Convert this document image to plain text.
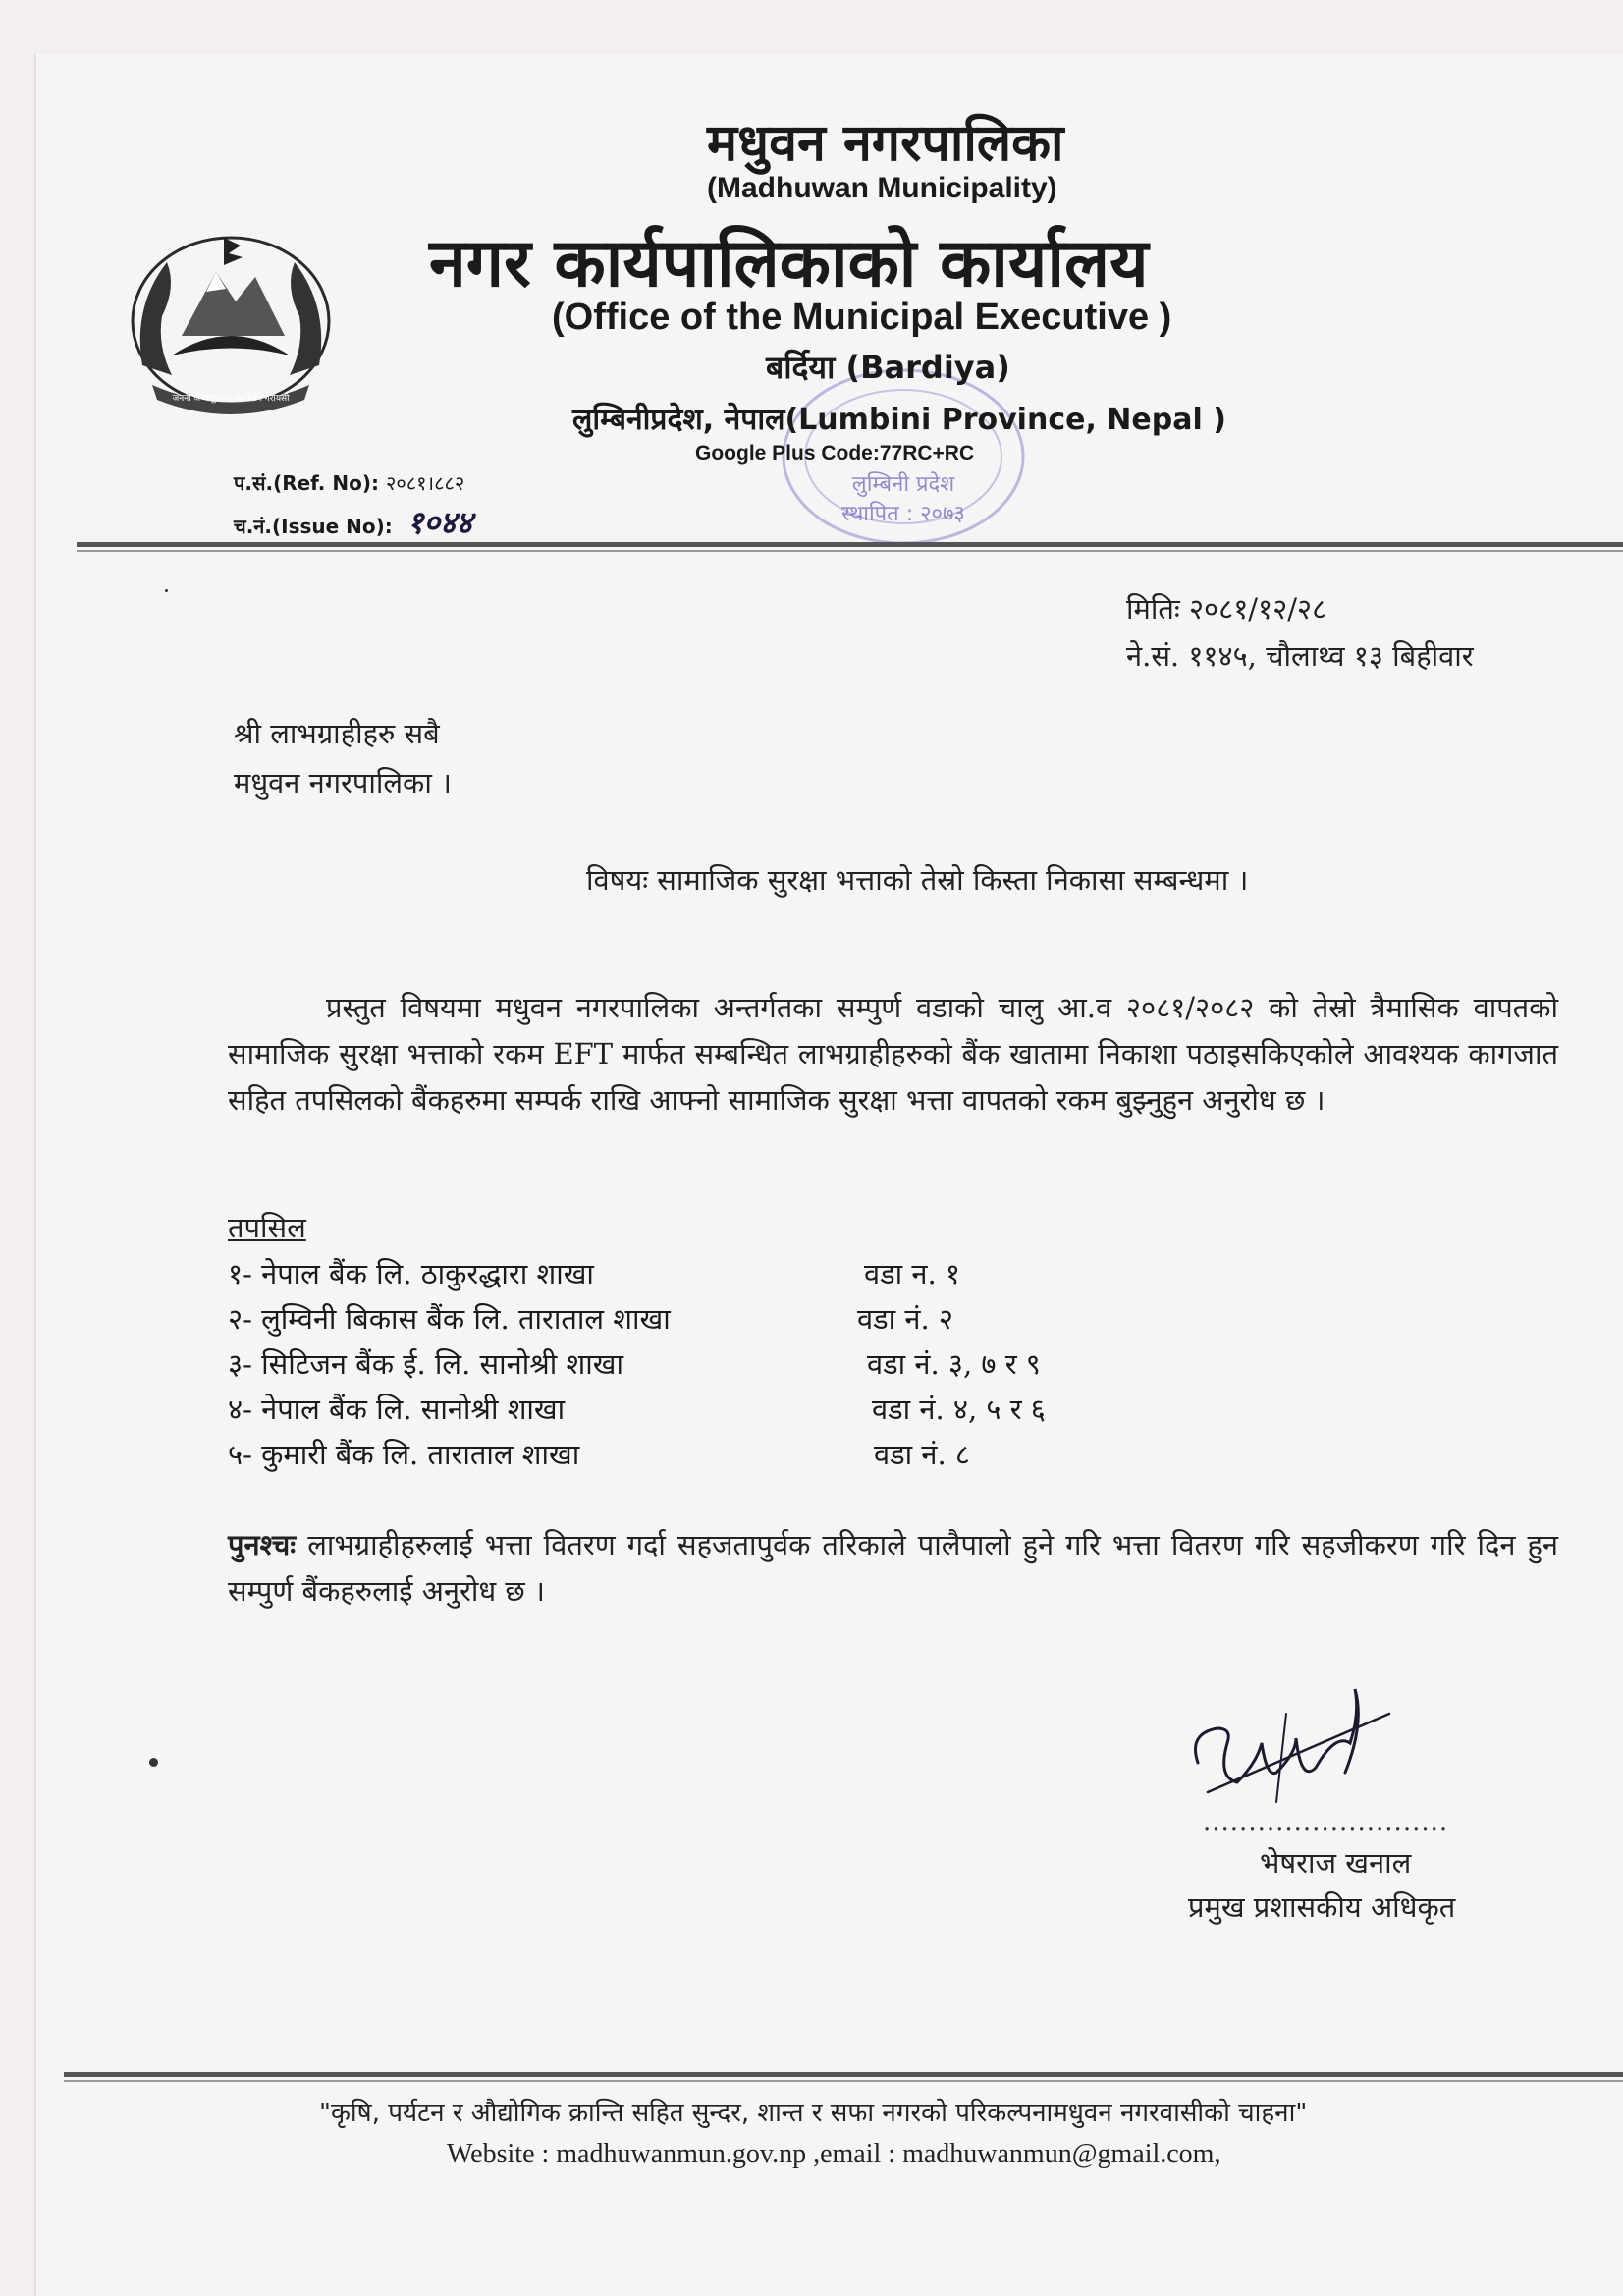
जननी जन्मभूमिश्च स्वर्गादपि गरीयसी
लुम्बिनी प्रदेश
स्थापित : २०७३
मधुवन नगरपालिका
(Madhuwan Municipality)
नगर कार्यपालिकाको कार्यालय
(Office of the Municipal Executive )
बर्दिया (Bardiya)
लुम्बिनीप्रदेश, नेपाल(Lumbini Province, Nepal )
Google Plus Code:77RC+RC
प.सं.(Ref. No): २०८१।८८२
च.नं.(Issue No): १०४४
मितिः २०८१/१२/२८
ने.सं. ११४५, चौलाथ्व १३ बिहीवार
श्री लाभग्राहीहरु सबै
मधुवन नगरपालिका ।
विषयः सामाजिक सुरक्षा भत्ताको तेस्रो किस्ता निकासा सम्बन्धमा ।
प्रस्तुत विषयमा मधुवन नगरपालिका अन्तर्गतका सम्पुर्ण वडाको चालु आ.व २०८१/२०८२ को तेस्रो त्रैमासिक वापतको सामाजिक सुरक्षा भत्ताको रकम EFT मार्फत सम्बन्धित लाभग्राहीहरुको बैंक खातामा निकाशा पठाइसकिएकोले आवश्यक कागजात सहित तपसिलको बैंकहरुमा सम्पर्क राखि आफ्नो सामाजिक सुरक्षा भत्ता वापतको रकम बुझ्नुहुन अनुरोध छ ।
तपसिल
१- नेपाल बैंक लि. ठाकुरद्धारा शाखा	वडा न. १
२- लुम्विनी बिकास बैंक लि. तारा‍ताल शाखा	वडा नं. २
३- सिटिजन बैंक ई. लि. सानोश्री शाखा	वडा नं. ३, ७ र ९
४- नेपाल बैंक लि. सानोश्री शाखा	वडा नं. ४, ५ र ६
५- कुमारी बैंक लि. तारा‍ताल शाखा	वडा नं. ८
पुनश्चः लाभग्राहीहरुलाई भत्ता वितरण गर्दा सहजतापुर्वक तरिकाले पालैपालो हुने गरि भत्ता वितरण गरि सहजीकरण गरि दिन हुन सम्पुर्ण बैंकहरुलाई अनुरोध छ ।
...........................
भेषराज खनाल
प्रमुख प्रशासकीय अधिकृत
"कृषि, पर्यटन र औद्योगिक क्रान्ति सहित सुन्दर, शान्त र सफा नगरको परिकल्पनामधुवन नगरवासीको चाहना"
Website : madhuwanmun.gov.np ,email : madhuwanmun@gmail.com,
